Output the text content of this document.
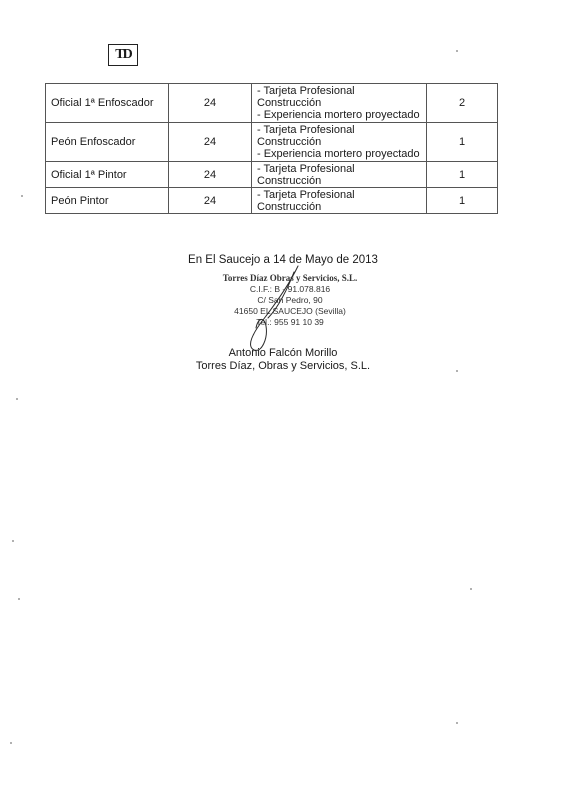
TD
Oficial 1ª Enfoscador	24	- Tarjeta Profesional
Construcción
- Experiencia mortero proyectado	2
Peón Enfoscador	24	- Tarjeta Profesional
Construcción
- Experiencia mortero proyectado	1
Oficial 1ª Pintor	24	- Tarjeta Profesional
Construcción	1
Peón Pintor	24	- Tarjeta Profesional
Construcción	1
En El Saucejo a 14 de Mayo de 2013
Torres Díaz Obras y Servicios, S.L.
C.I.F.: B - 91.078.816
C/ San Pedro, 90
41650 EL SAUCEJO (Sevilla)
Tel.: 955 91 10 39
Antonio Falcón Morillo
Torres Díaz, Obras y Servicios, S.L.
